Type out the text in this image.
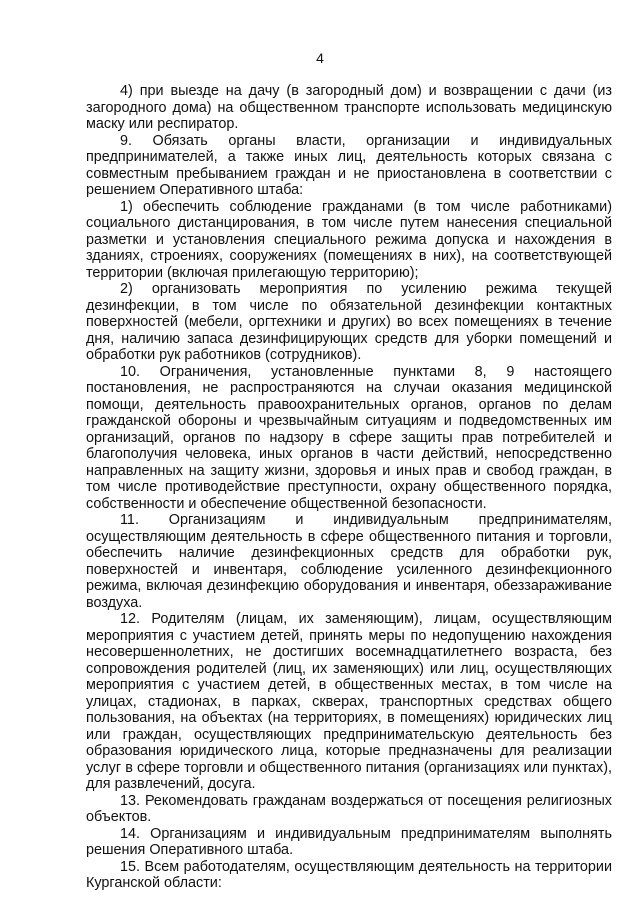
4

4) при выезде на дачу (в загородный дом) и возвращении с дачи (из загородного дома) на общественном транспорте использовать медицинскую маску или респиратор.

9. Обязать органы власти, организации и индивидуальных предпринимателей, а также иных лиц, деятельность которых связана с совместным пребыванием граждан и не приостановлена в соответствии с решением Оперативного штаба:

1) обеспечить соблюдение гражданами (в том числе работниками) социального дистанцирования, в том числе путем нанесения специальной разметки и установления специального режима допуска и нахождения в зданиях, строениях, сооружениях (помещениях в них), на соответствующей территории (включая прилегающую территорию);

2) организовать мероприятия по усилению режима текущей дезинфекции, в том числе по обязательной дезинфекции контактных поверхностей (мебели, оргтехники и других) во всех помещениях в течение дня, наличию запаса дезинфицирующих средств для уборки помещений и обработки рук работников (сотрудников).

10. Ограничения, установленные пунктами 8, 9 настоящего постановления, не распространяются на случаи оказания медицинской помощи, деятельность правоохранительных органов, органов по делам гражданской обороны и чрезвычайным ситуациям и подведомственных им организаций, органов по надзору в сфере защиты прав потребителей и благополучия человека, иных органов в части действий, непосредственно направленных на защиту жизни, здоровья и иных прав и свобод граждан, в том числе противодействие преступности, охрану общественного порядка, собственности и обеспечение общественной безопасности.

11. Организациям и индивидуальным предпринимателям, осуществляющим деятельность в сфере общественного питания и торговли, обеспечить наличие дезинфекционных средств для обработки рук, поверхностей и инвентаря, соблюдение усиленного дезинфекционного режима, включая дезинфекцию оборудования и инвентаря, обеззараживание воздуха.

12. Родителям (лицам, их заменяющим), лицам, осуществляющим мероприятия с участием детей, принять меры по недопущению нахождения несовершеннолетних, не достигших восемнадцатилетнего возраста, без сопровождения родителей (лиц, их заменяющих) или лиц, осуществляющих мероприятия с участием детей, в общественных местах, в том числе на улицах, стадионах, в парках, скверах, транспортных средствах общего пользования, на объектах (на территориях, в помещениях) юридических лиц или граждан, осуществляющих предпринимательскую деятельность без образования юридического лица, которые предназначены для реализации услуг в сфере торговли и общественного питания (организациях или пунктах), для развлечений, досуга.

13. Рекомендовать гражданам воздержаться от посещения религиозных объектов.

14. Организациям и индивидуальным предпринимателям выполнять решения Оперативного штаба.

15. Всем работодателям, осуществляющим деятельность на территории Курганской области:
